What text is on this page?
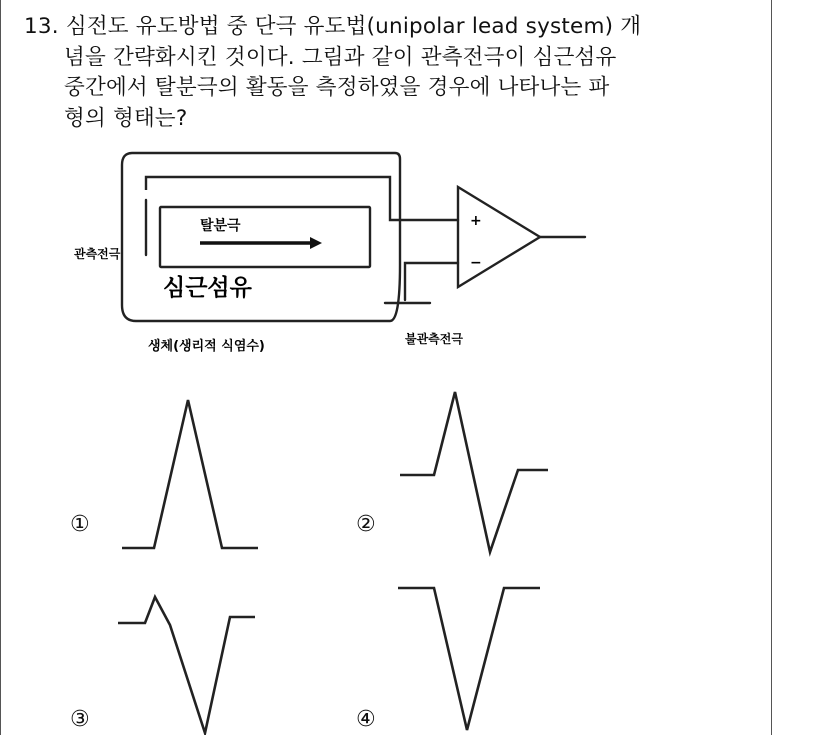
13. 심전도 유도방법 중 단극 유도법(unipolar lead system) 개
념을 간략화시킨 것이다. 그림과 같이 관측전극이 심근섬유
중간에서 탈분극의 활동을 측정하였을 경우에 나타나는 파
형의 형태는?
탈분극
관측전극
심근섬유
생체(생리적 식염수)	불관측전극
+
−
①	②
③	④
